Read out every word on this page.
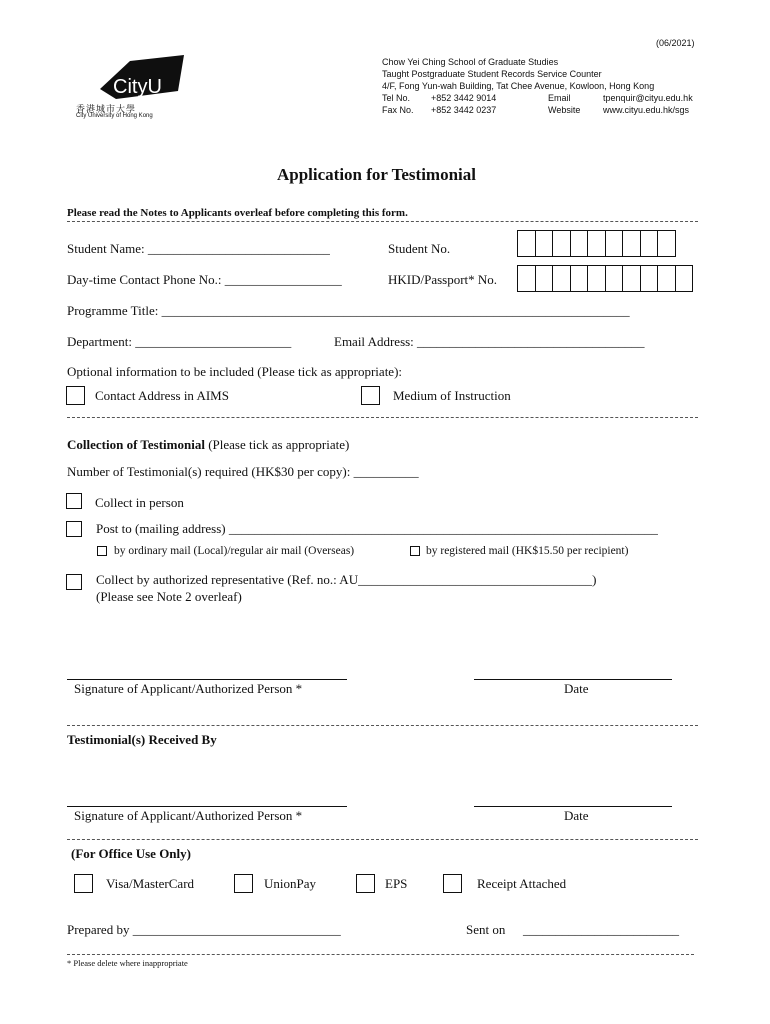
(06/2021)
CityU
香港城市大學
City University of Hong Kong
Chow Yei Ching School of Graduate Studies
Taught Postgraduate Student Records Service Counter
4/F, Fong Yun-wah Building, Tat Chee Avenue, Kowloon, Hong Kong
Tel No. +852 3442 9014	Email	tpenquir@cityu.edu.hk
Fax No. +852 3442 0237	Website	www.cityu.edu.hk/sgs
Application for Testimonial
Please read the Notes to Applicants overleaf before completing this form.
Student Name: ____________________________	Student No.
Day-time Contact Phone No.: __________________	HKID/Passport* No.
Programme Title: ________________________________________________________________________
Department: ________________________	Email Address: ___________________________________
Optional information to be included (Please tick as appropriate):
Contact Address in AIMS	Medium of Instruction
Collection of Testimonial (Please tick as appropriate)
Number of Testimonial(s) required (HK$30 per copy): __________
Collect in person
Post to (mailing address) __________________________________________________________________
by ordinary mail (Local)/regular air mail (Overseas)	by registered mail (HK$15.50 per recipient)
Collect by authorized representative (Ref. no.: AU____________________________________)
(Please see Note 2 overleaf)
Signature of Applicant/Authorized Person *	Date
Testimonial(s) Received By
Signature of Applicant/Authorized Person *	Date
(For Office Use Only)
Visa/MasterCard	UnionPay	EPS	Receipt Attached
Prepared by ________________________________	Sent on ________________________
* Please delete where inappropriate
